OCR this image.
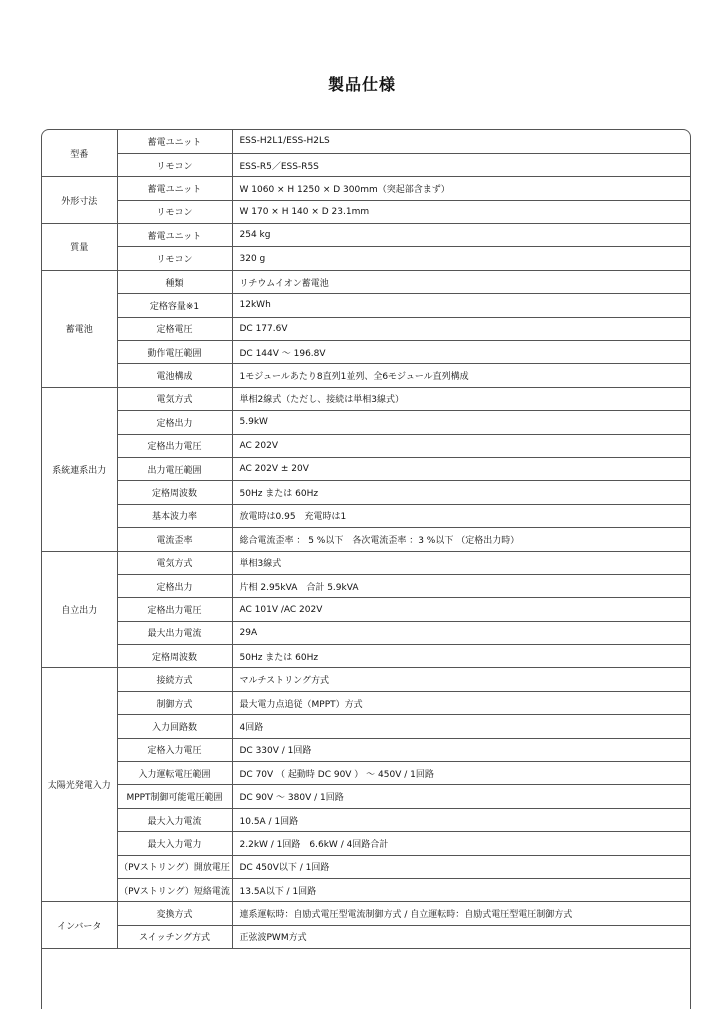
製品仕様
型番	蓄電ユニット	ESS-H2L1/ESS-H2LS
	リモコン	ESS-R5／ESS-R5S
外形寸法	蓄電ユニット	W 1060 × H 1250 × D 300mm（突起部含まず）
	リモコン	W 170 × H 140 × D 23.1mm
質量	蓄電ユニット	254 kg
	リモコン	320 g
蓄電池	種類	リチウムイオン蓄電池
	定格容量※1	12kWh
	定格電圧	DC 177.6V
	動作電圧範囲	DC 144V ～ 196.8V
	電池構成	1モジュールあたり8直列1並列、全6モジュール直列構成
系統連系出力	電気方式	単相2線式（ただし、接続は単相3線式）
	定格出力	5.9kW
	定格出力電圧	AC 202V
	出力電圧範囲	AC 202V ± 20V
	定格周波数	50Hz または 60Hz
	基本波力率	放電時は0.95　充電時は1
	電流歪率	総合電流歪率 ： 5 %以下　各次電流歪率 ：3 %以下 （定格出力時）
自立出力	電気方式	単相3線式
	定格出力	片相 2.95kVA　合計 5.9kVA
	定格出力電圧	AC 101V /AC 202V
	最大出力電流	29A
	定格周波数	50Hz または 60Hz
太陽光発電入力	接続方式	マルチストリング方式
	制御方式	最大電力点追従（MPPT）方式
	入力回路数	4回路
	定格入力電圧	DC 330V / 1回路
	入力運転電圧範囲	DC 70V （ 起動時 DC 90V ） ～ 450V / 1回路
	MPPT制御可能電圧範囲	DC 90V ～ 380V / 1回路
	最大入力電流	10.5A / 1回路
	最大入力電力	2.2kW / 1回路　6.6kW / 4回路合計
	（PVストリング）開放電圧	DC 450V以下 / 1回路
	（PVストリング）短絡電流	13.5A以下 / 1回路
インバータ	変換方式	連系運転時：自励式電圧型電流制御方式 / 自立運転時：自励式電圧型電圧制御方式
	スイッチング方式	正弦波PWM方式
